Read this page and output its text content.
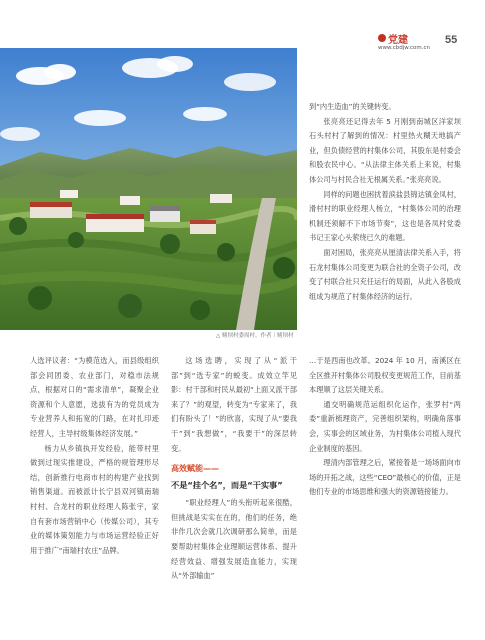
党建
www.cbdjw.com.cn
55
△ 赌坝村委周村。作者｜赌坝村

到“内生造血”的关键转变。

张亮亮还记得去年 5 月刚到南城区洋家坝石头村村了解到的情况：村里热火糊天地搞产业，但负债经营的村集体公司，其股东是村委会和股农民中心。“从法律主体关系上来说，村集体公司与村民合社无根属关系。”张亮亮说。

同样的问题也困扰着滨盐县锦达镇金凤村，滑村村的职业经理人杨立，“村集体公司的治理机制还须解不下市场节奏”，这也是各凤村党委书记王家心头萦绕已久的难题。

面对困局，张亮亮从厘清法律关系入手，将石龙村集体公司变更为联合社的全资子公司，改变了村联合社只充任运行的局面，从此入各股成组成为规范了村集体经济的运行。

人选评议者：“为模范选入，而县级组织部会同团委、农业部门，对稳市法规点，根据对口的“需求清单”，凝聚企业资源和个人意愿，选拔有为的党员成为专业营养人和拓宽的门路，在对扎印迹经营人，主导村级集体经济发展。”

杨力从乡镇执开发经验，能带村里做到过现实推建设，严格的规管理形尽结，创新推行电商市村的构建产业找到销售渠道。而被派计长宁县双河镇南瑞村村、合龙村的职业经理人陈张宇，家自有套市场营销中心（传媒公司），其专业的媒体策划能力与市场运营经验正好用于推广“南瑞村农庄”品牌。

这场选聘，实现了从“派干部”到“选专家”的蜕变。成效立竿见影：村干部和村民从最初“上面又派干部来了？”的观望，转变为“专家来了，我们有盼头了！”的欣喜，实现了从“要我干”到“我想做”，“我要干”的深层转变。

高效赋能——
不是“挂个名”，而是“干实事”

“职业经理人”的头衔听起来很酷，但挑战是实实在在的，他们的任务，绝非作几次会就几次调研那么简单，而是要帮助村集体企业理顺运营体系、提升经营效益、增强发展造血能力，实现从“外部输血”

…于是西南也改革。2024 年 10 月，南溪区在全区推开村集体公司股权变更规范工作，目前基本理顺了这层关键关系。

通交明确规范运组织化运作，张罗村“两委”重新梳理资产，完善组织架构，明确角落事会，实事会的区域业务，为村集体公司植入现代企业制度的基因。

理清内部管理之后，紧接着是一场场面向市场的开拓之战，这些“CEO”最核心的价值，正是他们专业的市场思维和强大的资源链接能力。
